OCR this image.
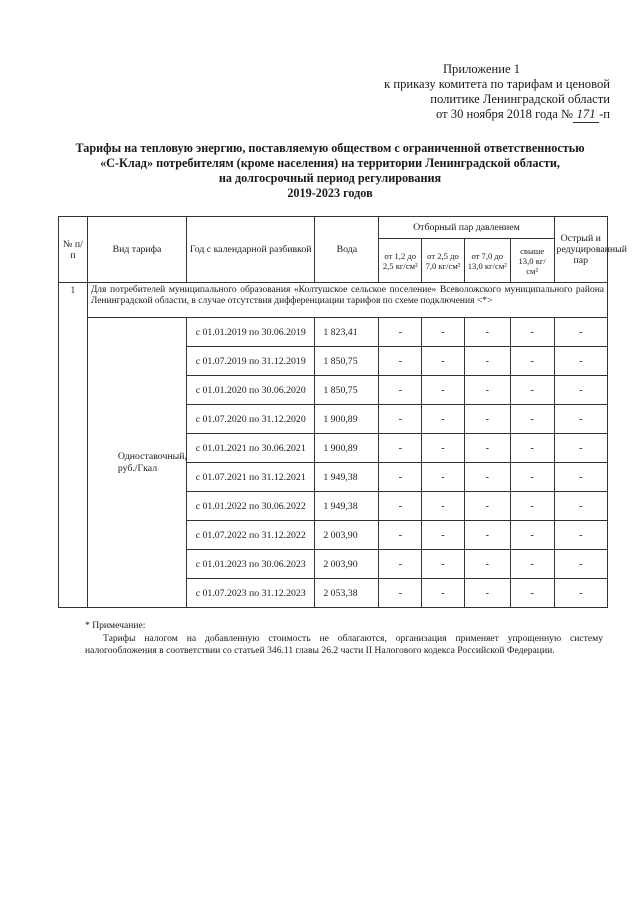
Приложение 1
к приказу комитета по тарифам и ценовой
политике Ленинградской области
от 30 ноября 2018 года № 171 -п
Тарифы на тепловую энергию, поставляемую обществом с ограниченной ответственностью
«С-Клад» потребителям (кроме населения) на территории Ленинградской области,
на долгосрочный период регулирования
2019-2023 годов
№ п/п	Вид тарифа	Год с календарной разбивкой	Вода	Отборный пар давлением				Острый и редуцированный пар
				от 1,2 до 2,5 кг/см²	от 2,5 до 7,0 кг/см²	от 7,0 до 13,0 кг/см²	свыше 13,0 кг/см²	
1	Для потребителей муниципального образования «Колтушское сельское поселение» Всеволожского муниципального района Ленинградской области, в случае отсутствия дифференциации тарифов по схеме подключения <*>							
	Одноставочный, руб./Гкал	с 01.01.2019 по 30.06.2019	1 823,41	-	-	-	-	-
		с 01.07.2019 по 31.12.2019	1 850,75	-	-	-	-	-
		с 01.01.2020 по 30.06.2020	1 850,75	-	-	-	-	-
		с 01.07.2020 по 31.12.2020	1 900,89	-	-	-	-	-
		с 01.01.2021 по 30.06.2021	1 900,89	-	-	-	-	-
		с 01.07.2021 по 31.12.2021	1 949,38	-	-	-	-	-
		с 01.01.2022 по 30.06.2022	1 949,38	-	-	-	-	-
		с 01.07.2022 по 31.12.2022	2 003,90	-	-	-	-	-
		с 01.01.2023 по 30.06.2023	2 003,90	-	-	-	-	-
		с 01.07.2023 по 31.12.2023	2 053,38	-	-	-	-	-

* Примечание:

Тарифы налогом на добавленную стоимость не облагаются, организация применяет упрощенную систему налогообложения в соответствии со статьей 346.11 главы 26.2 части II Налогового кодекса Российской Федерации.
